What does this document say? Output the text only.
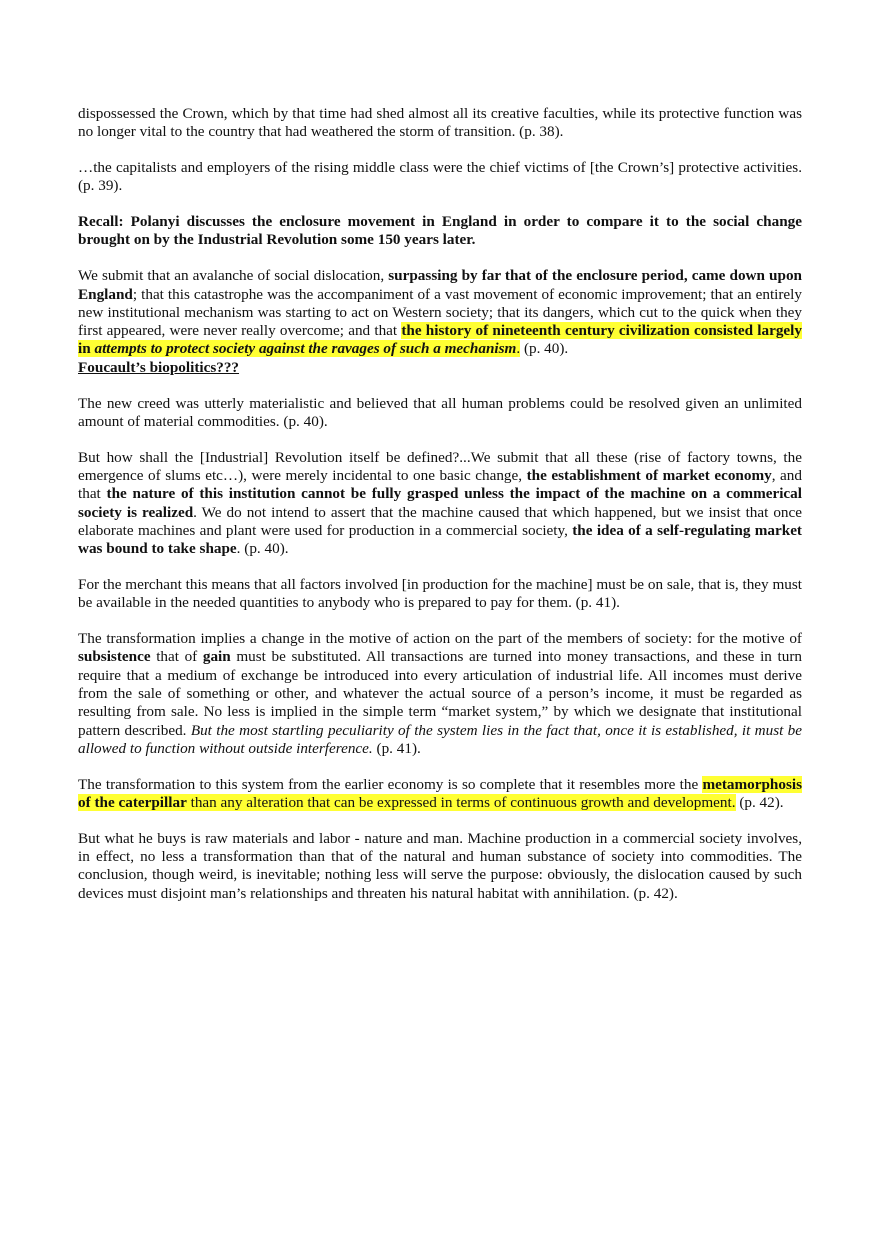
dispossessed the Crown, which by that time had shed almost all its creative faculties, while its protective function was no longer vital to the country that had weathered the storm of transition. (p. 38).

…the capitalists and employers of the rising middle class were the chief victims of [the Crown’s] protective activities. (p. 39).

Recall: Polanyi discusses the enclosure movement in England in order to compare it to the social change brought on by the Industrial Revolution some 150 years later.

We submit that an avalanche of social dislocation, surpassing by far that of the enclosure period, came down upon England; that this catastrophe was the accompaniment of a vast movement of economic improvement; that an entirely new institutional mechanism was starting to act on Western society; that its dangers, which cut to the quick when they first appeared, were never really overcome; and that the history of nineteenth century civilization consisted largely in attempts to protect society against the ravages of such a mechanism. (p. 40).
Foucault’s biopolitics???

The new creed was utterly materialistic and believed that all human problems could be resolved given an unlimited amount of material commodities. (p. 40).

But how shall the [Industrial] Revolution itself be defined?...We submit that all these (rise of factory towns, the emergence of slums etc…), were merely incidental to one basic change, the establishment of market economy, and that the nature of this institution cannot be fully grasped unless the impact of the machine on a commerical society is realized. We do not intend to assert that the machine caused that which happened, but we insist that once elaborate machines and plant were used for production in a commercial society, the idea of a self-regulating market was bound to take shape. (p. 40).

For the merchant this means that all factors involved [in production for the machine] must be on sale, that is, they must be available in the needed quantities to anybody who is prepared to pay for them. (p. 41).

The transformation implies a change in the motive of action on the part of the members of society: for the motive of subsistence that of gain must be substituted. All transactions are turned into money transactions, and these in turn require that a medium of exchange be introduced into every articulation of industrial life. All incomes must derive from the sale of something or other, and whatever the actual source of a person’s income, it must be regarded as resulting from sale. No less is implied in the simple term “market system,” by which we designate that institutional pattern described. But the most startling peculiarity of the system lies in the fact that, once it is established, it must be allowed to function without outside interference. (p. 41).

The transformation to this system from the earlier economy is so complete that it resembles more the metamorphosis of the caterpillar than any alteration that can be expressed in terms of continuous growth and development. (p. 42).

But what he buys is raw materials and labor - nature and man. Machine production in a commercial society involves, in effect, no less a transformation than that of the natural and human substance of society into commodities. The conclusion, though weird, is inevitable; nothing less will serve the purpose: obviously, the dislocation caused by such devices must disjoint man’s relationships and threaten his natural habitat with annihilation. (p. 42).
